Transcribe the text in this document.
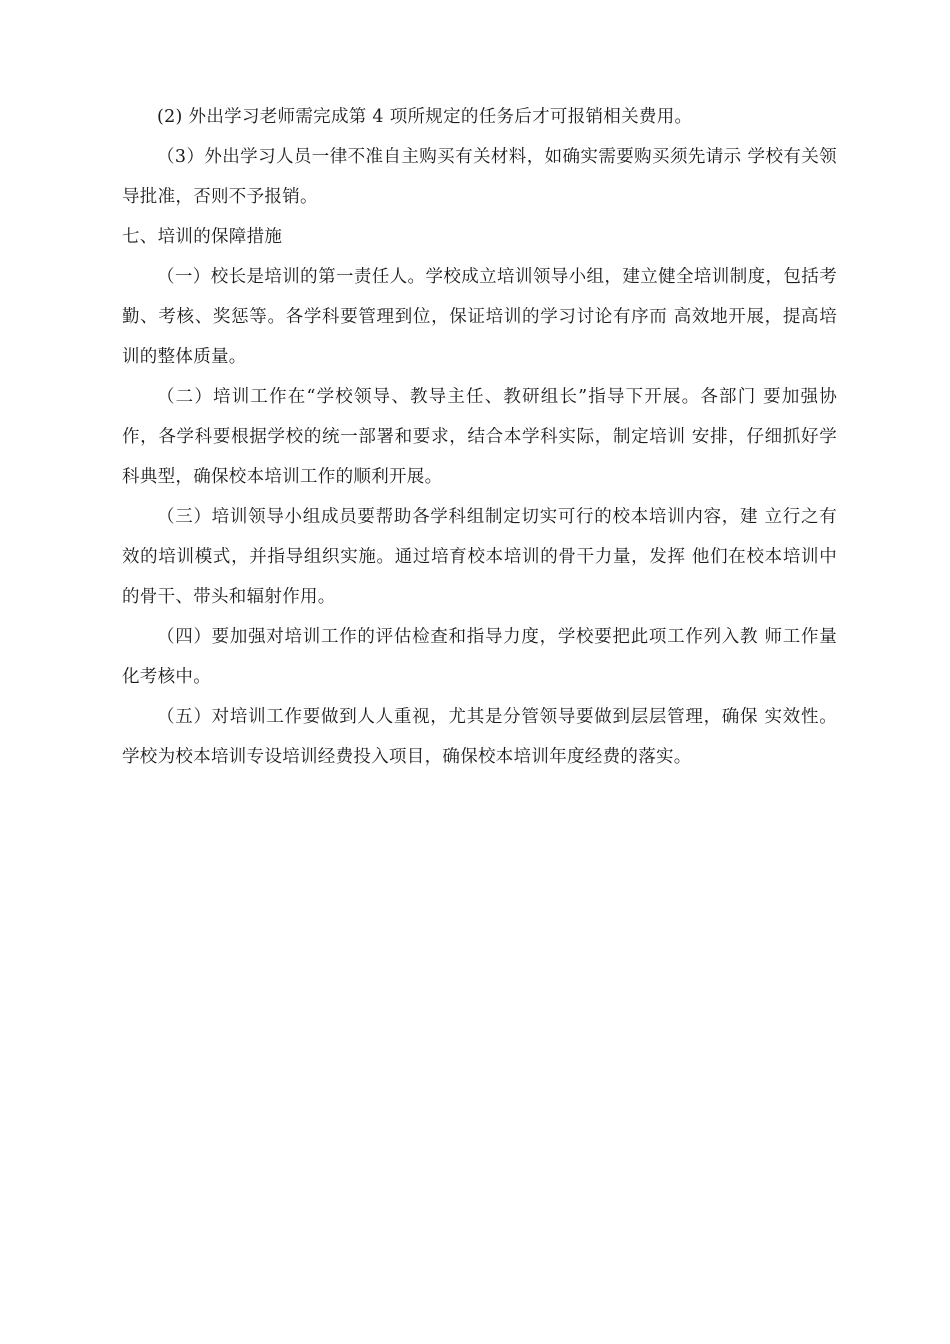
(2) 外出学习老师需完成第 4 项所规定的任务后才可报销相关费用。

（3）外出学习人员一律不准自主购买有关材料，如确实需要购买须先请示 学校有关领导批准，否则不予报销。

七、培训的保障措施

（一）校长是培训的第一责任人。学校成立培训领导小组，建立健全培训制度，包括考勤、考核、奖惩等。各学科要管理到位，保证培训的学习讨论有序而 高效地开展，提高培训的整体质量。

（二）培训工作在“学校领导、教导主任、教研组长”指导下开展。各部门 要加强协作，各学科要根据学校的统一部署和要求，结合本学科实际，制定培训 安排，仔细抓好学科典型，确保校本培训工作的顺利开展。

（三）培训领导小组成员要帮助各学科组制定切实可行的校本培训内容，建 立行之有效的培训模式，并指导组织实施。通过培育校本培训的骨干力量，发挥 他们在校本培训中的骨干、带头和辐射作用。

（四）要加强对培训工作的评估检查和指导力度，学校要把此项工作列入教 师工作量化考核中。

（五）对培训工作要做到人人重视，尤其是分管领导要做到层层管理，确保 实效性。学校为校本培训专设培训经费投入项目，确保校本培训年度经费的落实。
